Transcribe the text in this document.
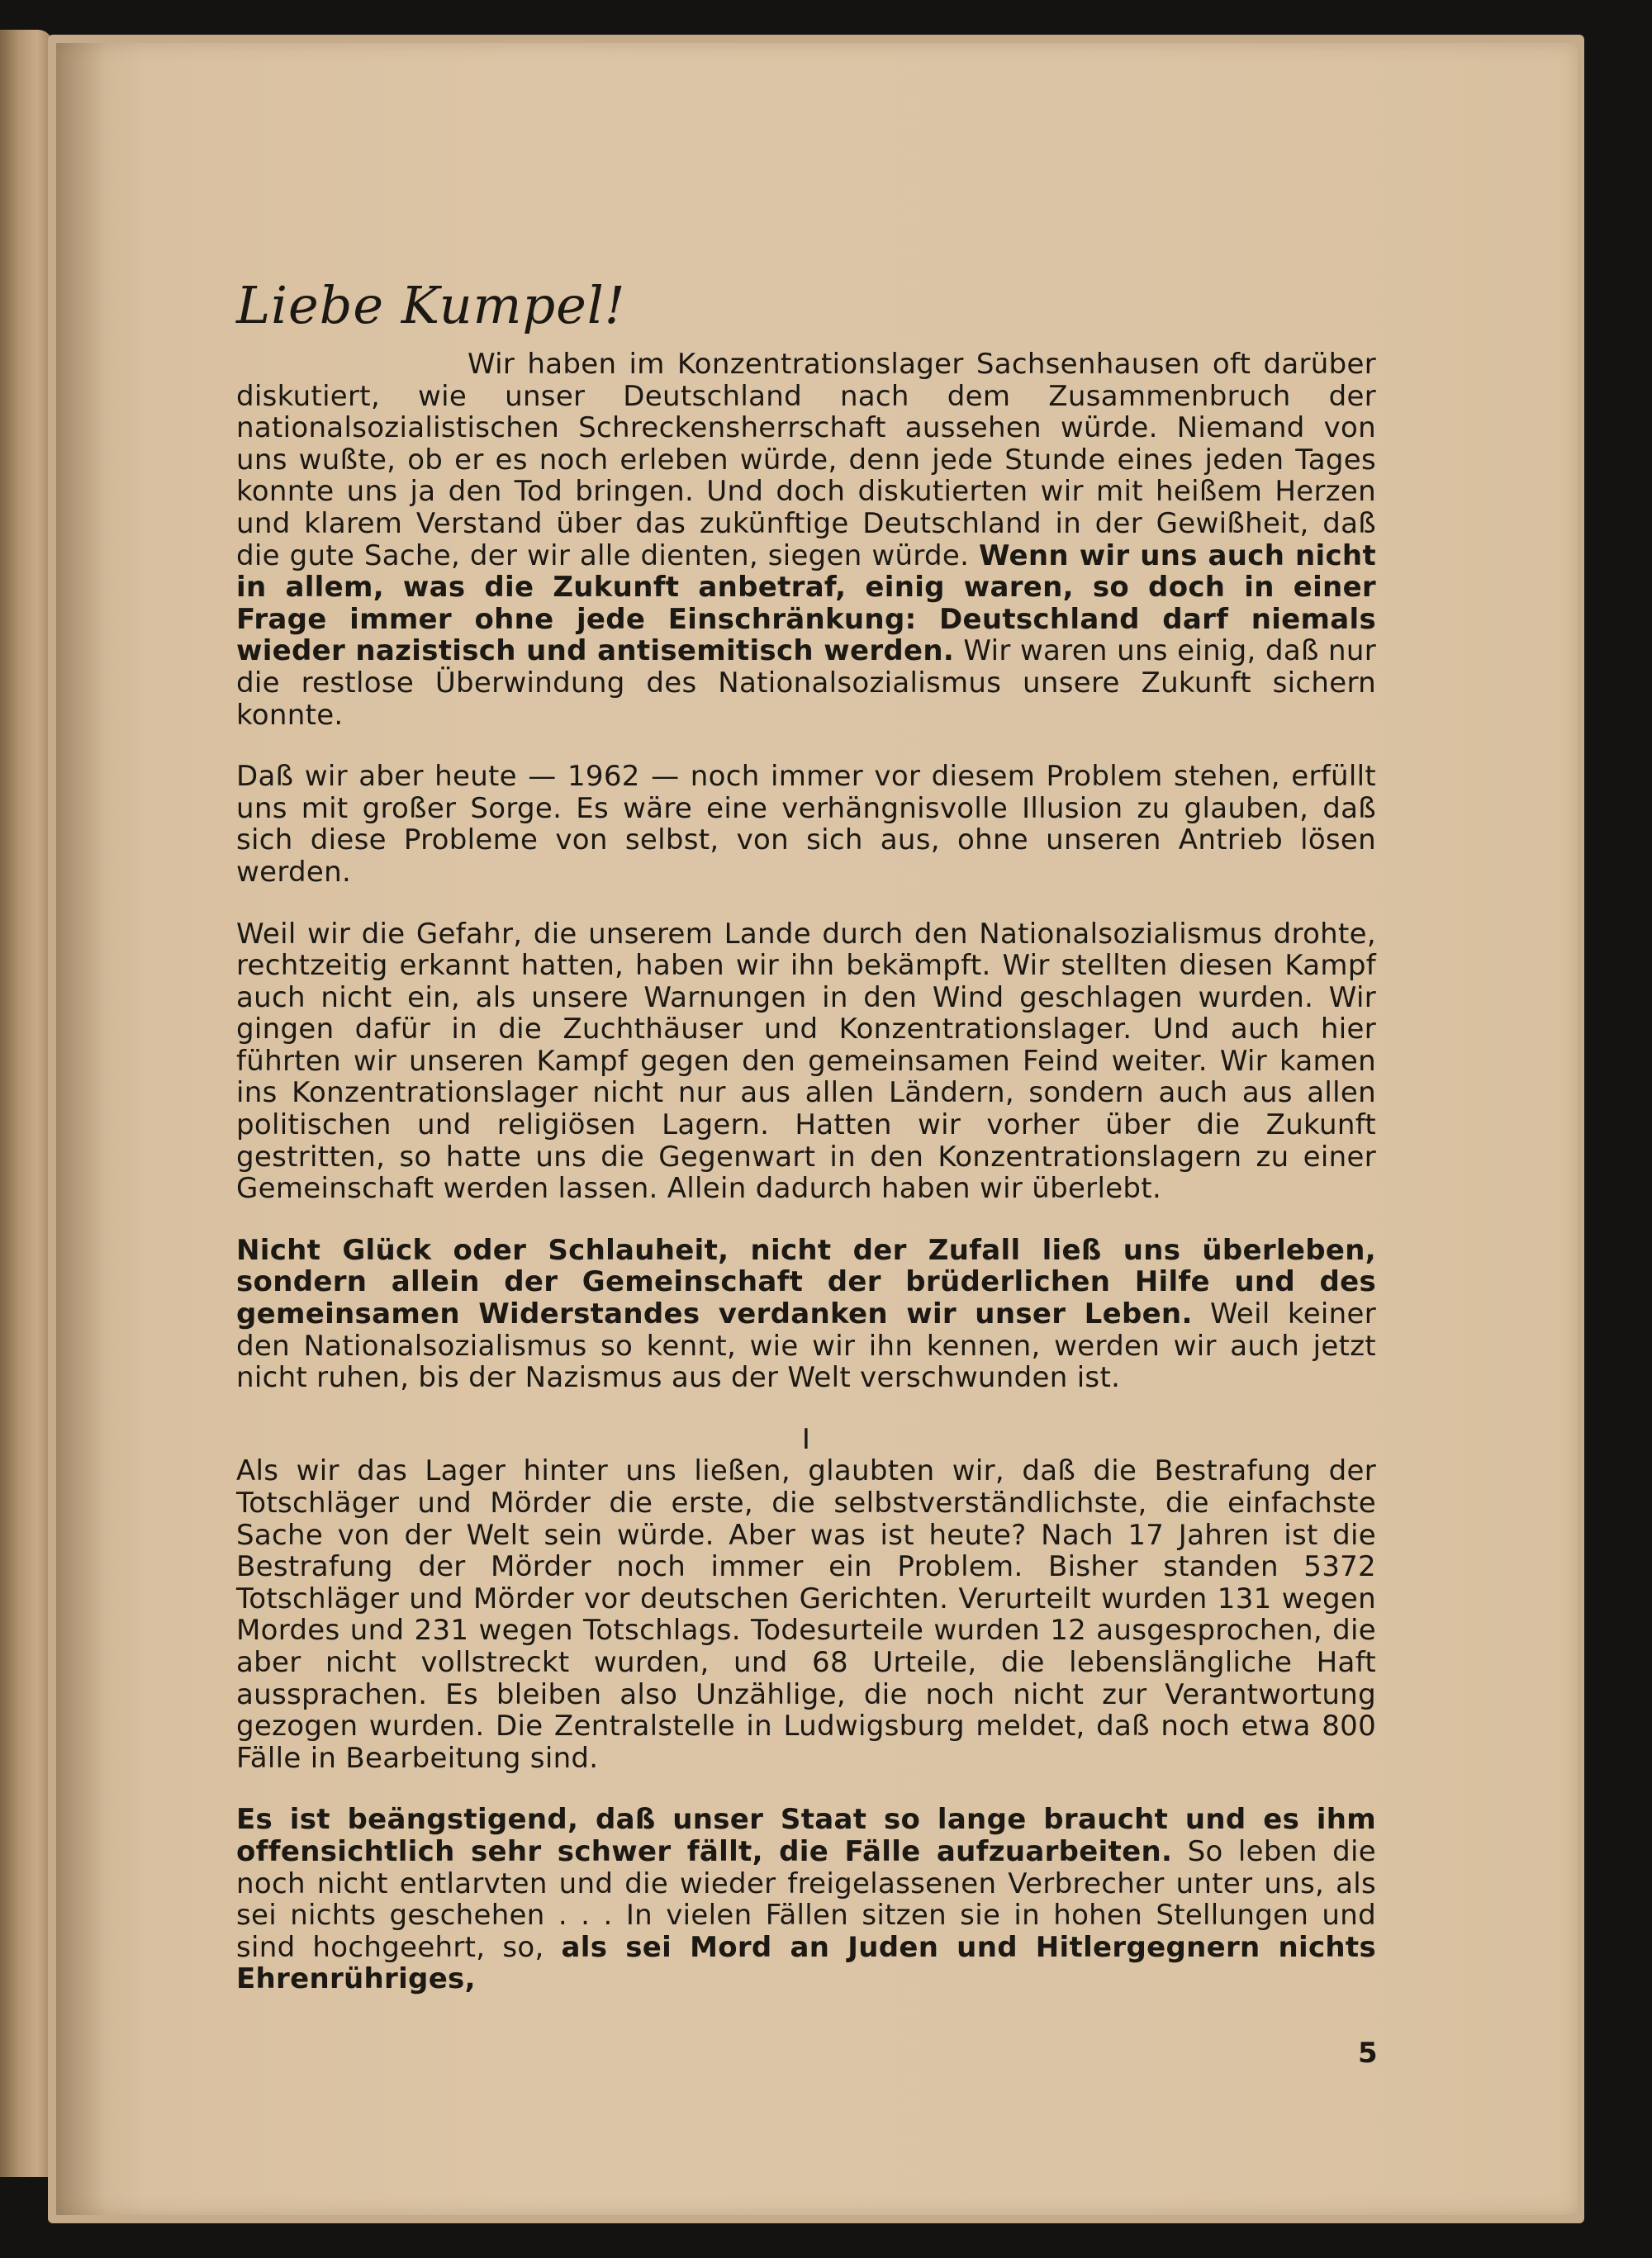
Liebe Kumpel!

Wir haben im Konzentrationslager Sachsenhausen oft darüber diskutiert, wie unser Deutschland nach dem Zusammenbruch der nationalsozialistischen Schreckensherrschaft aussehen würde. Niemand von uns wußte, ob er es noch erleben würde, denn jede Stunde eines jeden Tages konnte uns ja den Tod bringen. Und doch diskutierten wir mit heißem Herzen und klarem Verstand über das zukünftige Deutschland in der Gewißheit, daß die gute Sache, der wir alle dienten, siegen würde. Wenn wir uns auch nicht in allem, was die Zukunft anbetraf, einig waren, so doch in einer Frage immer ohne jede Einschränkung: Deutschland darf niemals wieder nazistisch und antisemitisch werden. Wir waren uns einig, daß nur die restlose Überwindung des Nationalsozialismus unsere Zukunft sichern konnte.

Daß wir aber heute — 1962 — noch immer vor diesem Problem stehen, erfüllt uns mit großer Sorge. Es wäre eine verhängnisvolle Illusion zu glauben, daß sich diese Probleme von selbst, von sich aus, ohne unseren Antrieb lösen werden.

Weil wir die Gefahr, die unserem Lande durch den Nationalsozialismus drohte, rechtzeitig erkannt hatten, haben wir ihn bekämpft. Wir stellten diesen Kampf auch nicht ein, als unsere Warnungen in den Wind geschlagen wurden. Wir gingen dafür in die Zuchthäuser und Konzentrationslager. Und auch hier führten wir unseren Kampf gegen den gemeinsamen Feind weiter. Wir kamen ins Konzentrationslager nicht nur aus allen Ländern, sondern auch aus allen politischen und religiösen Lagern. Hatten wir vorher über die Zukunft gestritten, so hatte uns die Gegenwart in den Konzentrationslagern zu einer Gemeinschaft werden lassen. Allein dadurch haben wir überlebt.

Nicht Glück oder Schlauheit, nicht der Zufall ließ uns überleben, sondern allein der Gemeinschaft der brüderlichen Hilfe und des gemeinsamen Widerstandes verdanken wir unser Leben. Weil keiner den Nationalsozialismus so kennt, wie wir ihn kennen, werden wir auch jetzt nicht ruhen, bis der Nazismus aus der Welt verschwunden ist.

I

Als wir das Lager hinter uns ließen, glaubten wir, daß die Bestrafung der Totschläger und Mörder die erste, die selbstverständlichste, die einfachste Sache von der Welt sein würde. Aber was ist heute? Nach 17 Jahren ist die Bestrafung der Mörder noch immer ein Problem. Bisher standen 5372 Totschläger und Mörder vor deutschen Gerichten. Verurteilt wurden 131 wegen Mordes und 231 wegen Totschlags. Todesurteile wurden 12 ausgesprochen, die aber nicht vollstreckt wurden, und 68 Urteile, die lebenslängliche Haft aussprachen. Es bleiben also Unzählige, die noch nicht zur Verantwortung gezogen wurden. Die Zentralstelle in Ludwigsburg meldet, daß noch etwa 800 Fälle in Bearbeitung sind.

Es ist beängstigend, daß unser Staat so lange braucht und es ihm offensichtlich sehr schwer fällt, die Fälle aufzuarbeiten. So leben die noch nicht entlarvten und die wieder freigelassenen Verbrecher unter uns, als sei nichts geschehen . . . In vielen Fällen sitzen sie in hohen Stellungen und sind hochgeehrt, so, als sei Mord an Juden und Hitlergegnern nichts Ehrenrühriges,

5
